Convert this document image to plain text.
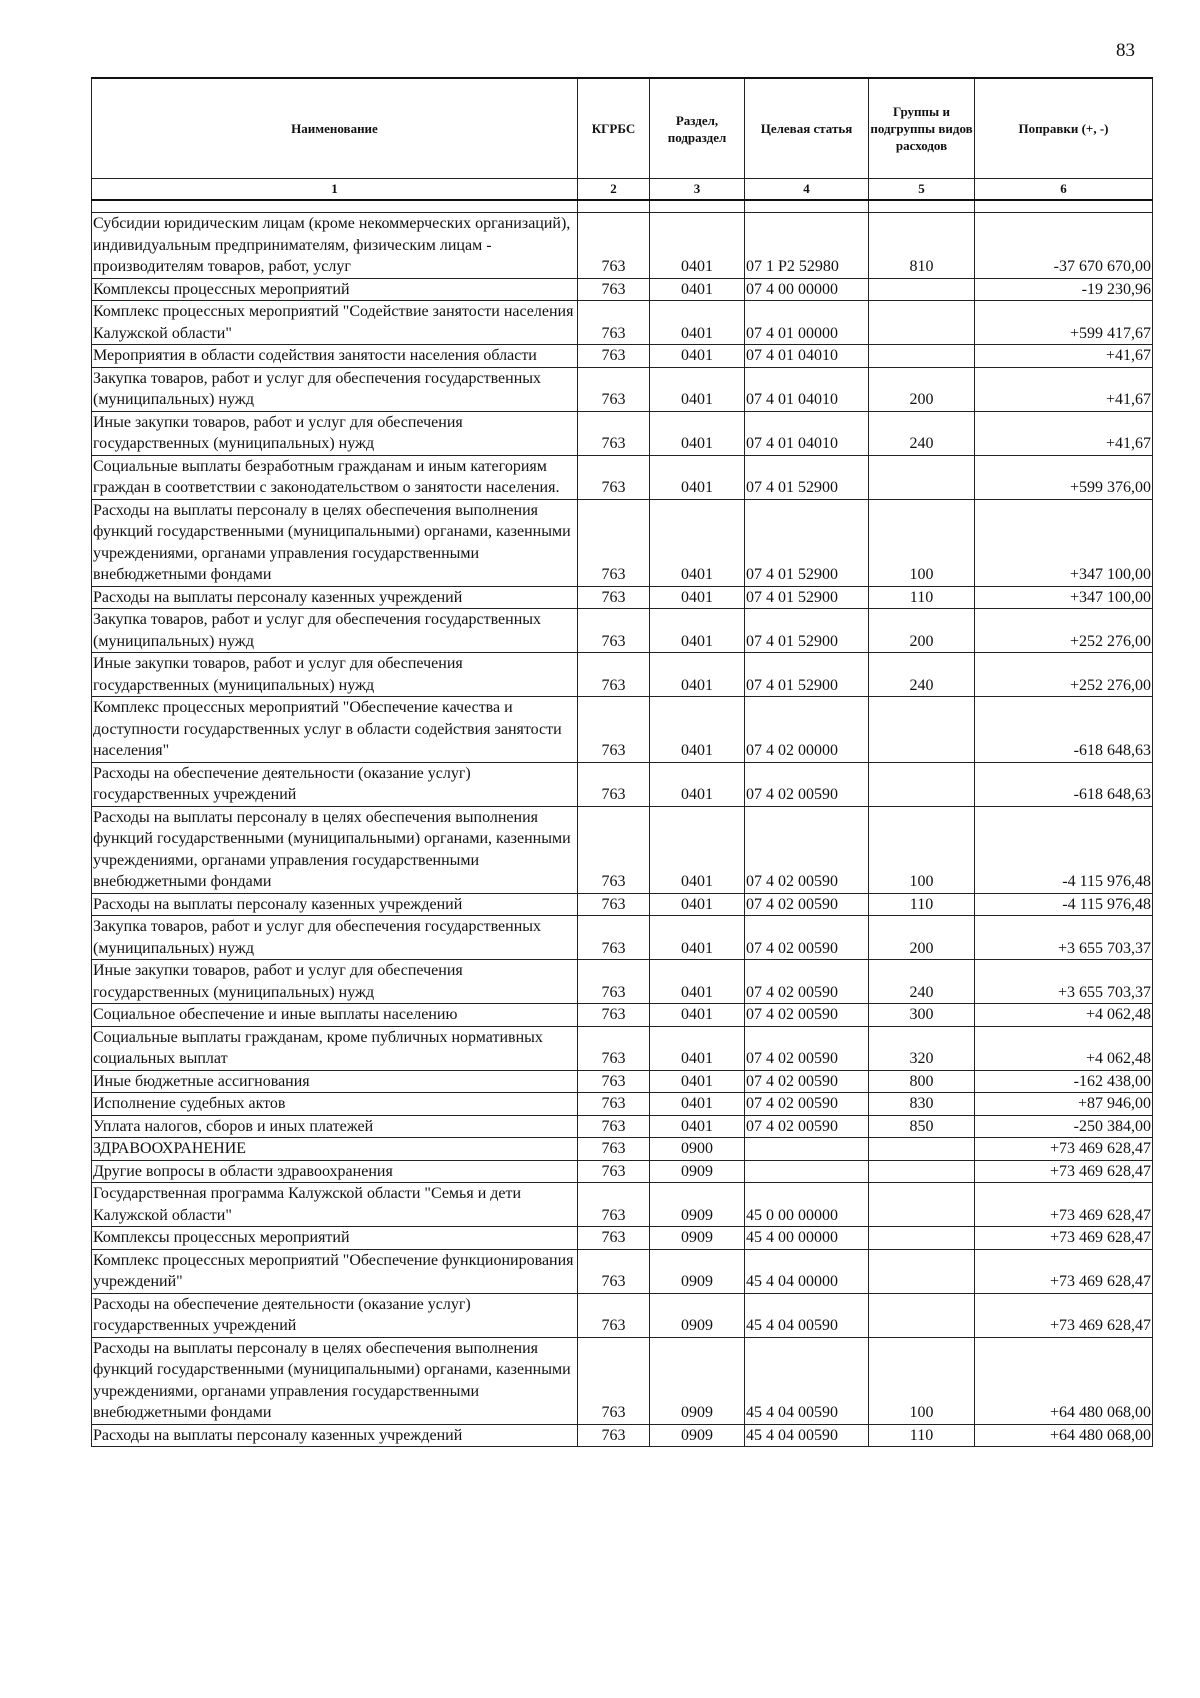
83
Наименование	КГРБС	Раздел, подраздел	Целевая статья	Группы и подгруппы видов расходов	Поправки (+, -)
1	2	3	4	5	6

Субсидии юридическим лицам (кроме некоммерческих организаций), индивидуальным предпринимателям, физическим лицам - производителям товаров, работ, услуг	763	0401	07 1 Р2 52980	810	-37 670 670,00
Комплексы процессных мероприятий	763	0401	07 4 00 00000		-19 230,96
Комплекс процессных мероприятий "Содействие занятости населения Калужской области"	763	0401	07 4 01 00000		+599 417,67
Мероприятия в области содействия занятости населения области	763	0401	07 4 01 04010		+41,67
Закупка товаров, работ и услуг для обеспечения государственных (муниципальных) нужд	763	0401	07 4 01 04010	200	+41,67
Иные закупки товаров, работ и услуг для обеспечения государственных (муниципальных) нужд	763	0401	07 4 01 04010	240	+41,67
Социальные выплаты безработным гражданам и иным категориям граждан в соответствии с законодательством о занятости населения.	763	0401	07 4 01 52900		+599 376,00
Расходы на выплаты персоналу в целях обеспечения выполнения функций государственными (муниципальными) органами, казенными учреждениями, органами управления государственными внебюджетными фондами	763	0401	07 4 01 52900	100	+347 100,00
Расходы на выплаты персоналу казенных учреждений	763	0401	07 4 01 52900	110	+347 100,00
Закупка товаров, работ и услуг для обеспечения государственных (муниципальных) нужд	763	0401	07 4 01 52900	200	+252 276,00
Иные закупки товаров, работ и услуг для обеспечения государственных (муниципальных) нужд	763	0401	07 4 01 52900	240	+252 276,00
Комплекс процессных мероприятий "Обеспечение качества и доступности государственных услуг в области содействия занятости населения"	763	0401	07 4 02 00000		-618 648,63
Расходы на обеспечение деятельности (оказание услуг) государственных учреждений	763	0401	07 4 02 00590		-618 648,63
Расходы на выплаты персоналу в целях обеспечения выполнения функций государственными (муниципальными) органами, казенными учреждениями, органами управления государственными внебюджетными фондами	763	0401	07 4 02 00590	100	-4 115 976,48
Расходы на выплаты персоналу казенных учреждений	763	0401	07 4 02 00590	110	-4 115 976,48
Закупка товаров, работ и услуг для обеспечения государственных (муниципальных) нужд	763	0401	07 4 02 00590	200	+3 655 703,37
Иные закупки товаров, работ и услуг для обеспечения государственных (муниципальных) нужд	763	0401	07 4 02 00590	240	+3 655 703,37
Социальное обеспечение и иные выплаты населению	763	0401	07 4 02 00590	300	+4 062,48
Социальные выплаты гражданам, кроме публичных нормативных социальных выплат	763	0401	07 4 02 00590	320	+4 062,48
Иные бюджетные ассигнования	763	0401	07 4 02 00590	800	-162 438,00
Исполнение судебных актов	763	0401	07 4 02 00590	830	+87 946,00
Уплата налогов, сборов и иных платежей	763	0401	07 4 02 00590	850	-250 384,00
ЗДРАВООХРАНЕНИЕ	763	0900			+73 469 628,47
Другие вопросы в области здравоохранения	763	0909			+73 469 628,47
Государственная программа Калужской области "Семья и дети Калужской области"	763	0909	45 0 00 00000		+73 469 628,47
Комплексы процессных мероприятий	763	0909	45 4 00 00000		+73 469 628,47
Комплекс процессных мероприятий "Обеспечение функционирования учреждений"	763	0909	45 4 04 00000		+73 469 628,47
Расходы на обеспечение деятельности (оказание услуг) государственных учреждений	763	0909	45 4 04 00590		+73 469 628,47
Расходы на выплаты персоналу в целях обеспечения выполнения функций государственными (муниципальными) органами, казенными учреждениями, органами управления государственными внебюджетными фондами	763	0909	45 4 04 00590	100	+64 480 068,00
Расходы на выплаты персоналу казенных учреждений	763	0909	45 4 04 00590	110	+64 480 068,00
